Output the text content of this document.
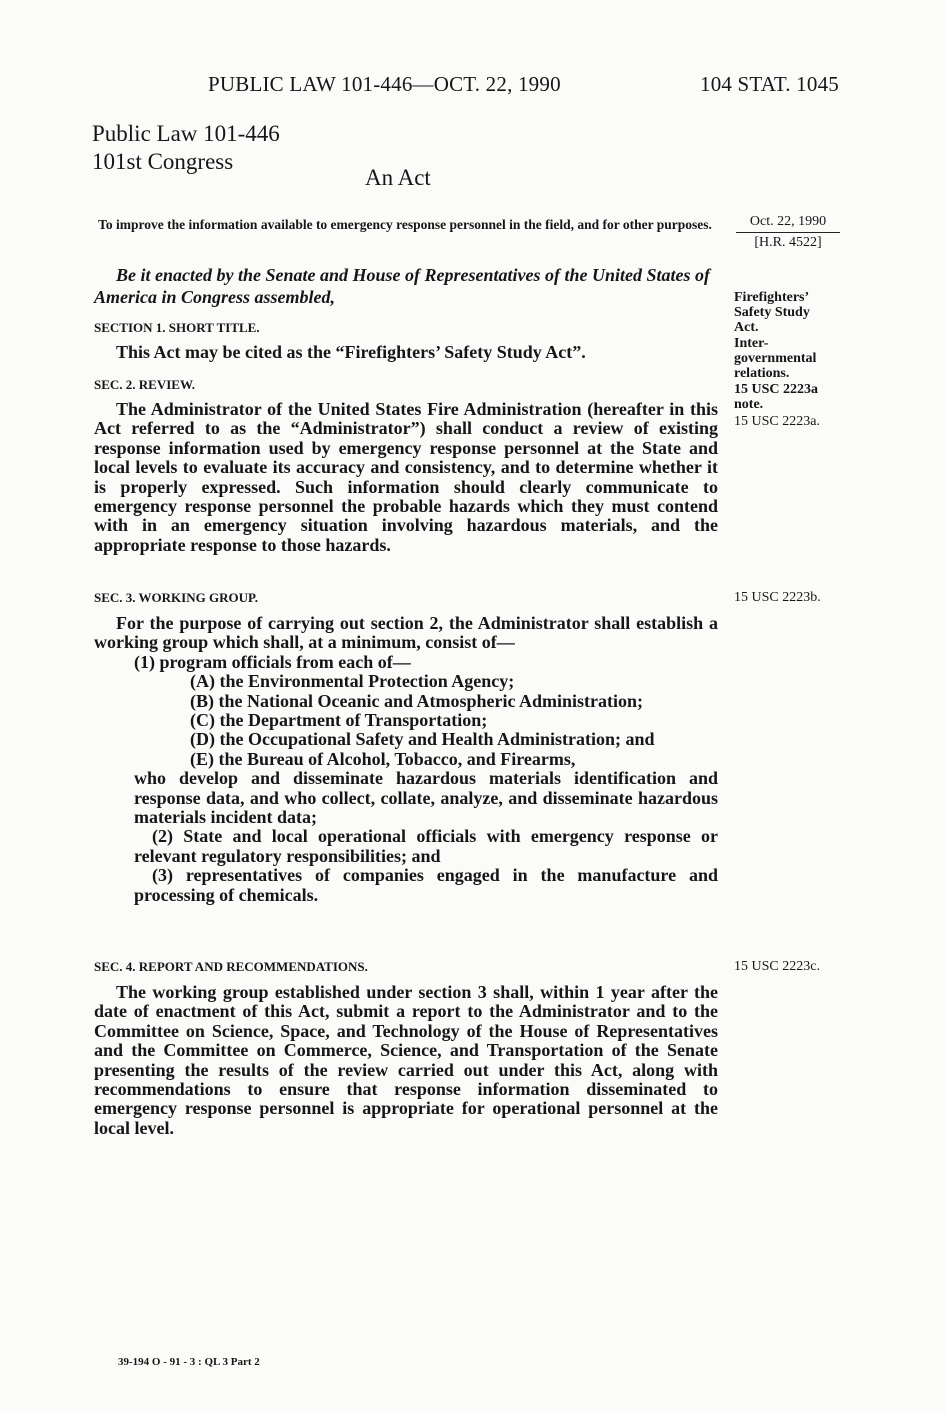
PUBLIC LAW 101-446—OCT. 22, 1990	104 STAT. 1045
Public Law 101-446
101st Congress
An Act
To improve the information available to emergency response personnel in the field, and for other purposes.	Oct. 22, 1990
[H.R. 4522]

Be it enacted by the Senate and House of Representatives of the United States of America in Congress assembled,

SECTION 1. SHORT TITLE.

This Act may be cited as the “Firefighters’ Safety Study Act”.

SEC. 2. REVIEW.

The Administrator of the United States Fire Administration (hereafter in this Act referred to as the “Administrator”) shall conduct a review of existing response information used by emergency response personnel at the State and local levels to evaluate its accuracy and consistency, and to determine whether it is properly expressed. Such information should clearly communicate to emergency response personnel the probable hazards which they must contend with in an emergency situation involving hazardous materials, and the appropriate response to those hazards.

SEC. 3. WORKING GROUP.

For the purpose of carrying out section 2, the Administrator shall establish a working group which shall, at a minimum, consist of—

(1) program officials from each of—

(A) the Environmental Protection Agency;

(B) the National Oceanic and Atmospheric Administration;

(C) the Department of Transportation;

(D) the Occupational Safety and Health Administration; and

(E) the Bureau of Alcohol, Tobacco, and Firearms,

who develop and disseminate hazardous materials identification and response data, and who collect, collate, analyze, and disseminate hazardous materials incident data;

(2) State and local operational officials with emergency response or relevant regulatory responsibilities; and

(3) representatives of companies engaged in the manufacture and processing of chemicals.

SEC. 4. REPORT AND RECOMMENDATIONS.

The working group established under section 3 shall, within 1 year after the date of enactment of this Act, submit a report to the Administrator and to the Committee on Science, Space, and Technology of the House of Representatives and the Committee on Commerce, Science, and Transportation of the Senate presenting the results of the review carried out under this Act, along with recommendations to ensure that response information disseminated to emergency response personnel is appropriate for operational personnel at the local level.

Firefighters’ Safety Study Act.
Inter-governmental relations.
15 USC 2223a note.
15 USC 2223a.
15 USC 2223b.
15 USC 2223c.
39-194 O - 91 - 3 : QL 3 Part 2
